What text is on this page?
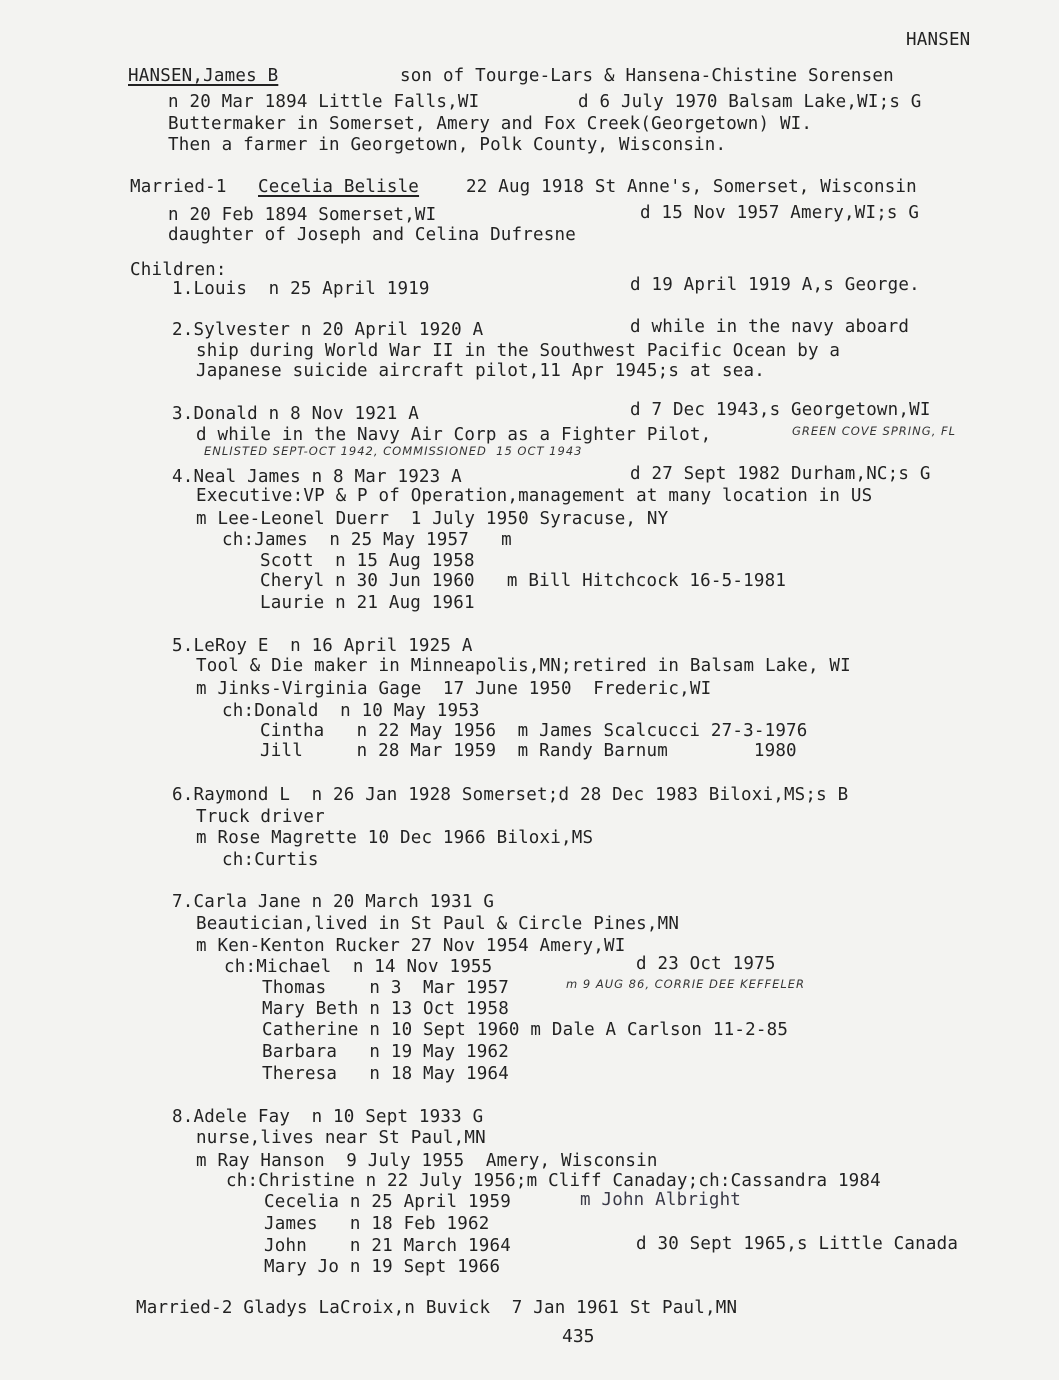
HANSEN
HANSEN,James B	son of Tourge-Lars & Hansena-Chistine Sorensen
n 20 Mar 1894 Little Falls,WI	d 6 July 1970 Balsam Lake,WI;s G
Buttermaker in Somerset, Amery and Fox Creek(Georgetown) WI.
Then a farmer in Georgetown, Polk County, Wisconsin.
Married-1 Cecelia Belisle	22 Aug 1918 St Anne's, Somerset, Wisconsin
n 20 Feb 1894 Somerset,WI	d 15 Nov 1957 Amery,WI;s G
daughter of Joseph and Celina Dufresne
Children:
1.Louis  n 25 April 1919	d 19 April 1919 A,s George.
2.Sylvester n 20 April 1920 A	d while in the navy aboard
ship during World War II in the Southwest Pacific Ocean by a
Japanese suicide aircraft pilot,11 Apr 1945;s at sea.
3.Donald n 8 Nov 1921 A	d 7 Dec 1943,s Georgetown,WI
d while in the Navy Air Corp as a Fighter Pilot,	GREEN COVE SPRING, FL
ENLISTED SEPT-OCT 1942, COMMISSIONED  15 OCT 1943
4.Neal James n 8 Mar 1923 A	d 27 Sept 1982 Durham,NC;s G
Executive:VP & P of Operation,management at many location in US
m Lee-Leonel Duerr  1 July 1950 Syracuse, NY
ch:James  n 25 May 1957   m
Scott  n 15 Aug 1958
Cheryl n 30 Jun 1960   m Bill Hitchcock 16-5-1981
Laurie n 21 Aug 1961
5.LeRoy E  n 16 April 1925 A
Tool & Die maker in Minneapolis,MN;retired in Balsam Lake, WI
m Jinks-Virginia Gage  17 June 1950  Frederic,WI
ch:Donald  n 10 May 1953
Cintha   n 22 May 1956  m James Scalcucci 27-3-1976
Jill     n 28 Mar 1959  m Randy Barnum        1980
6.Raymond L  n 26 Jan 1928 Somerset;d 28 Dec 1983 Biloxi,MS;s B
Truck driver
m Rose Magrette 10 Dec 1966 Biloxi,MS
ch:Curtis
7.Carla Jane n 20 March 1931 G
Beautician,lived in St Paul & Circle Pines,MN
m Ken-Kenton Rucker 27 Nov 1954 Amery,WI
ch:Michael  n 14 Nov 1955	d 23 Oct 1975
Thomas    n 3  Mar 1957	m 9 AUG 86, CORRIE DEE KEFFELER
Mary Beth n 13 Oct 1958
Catherine n 10 Sept 1960 m Dale A Carlson 11-2-85
Barbara   n 19 May 1962
Theresa   n 18 May 1964
8.Adele Fay  n 10 Sept 1933 G
nurse,lives near St Paul,MN
m Ray Hanson  9 July 1955  Amery, Wisconsin
ch:Christine n 22 July 1956;m Cliff Canaday;ch:Cassandra 1984
Cecelia n 25 April 1959	m John Albright
James   n 18 Feb 1962
John    n 21 March 1964	d 30 Sept 1965,s Little Canada
Mary Jo n 19 Sept 1966
Married-2 Gladys LaCroix,n Buvick  7 Jan 1961 St Paul,MN
435
